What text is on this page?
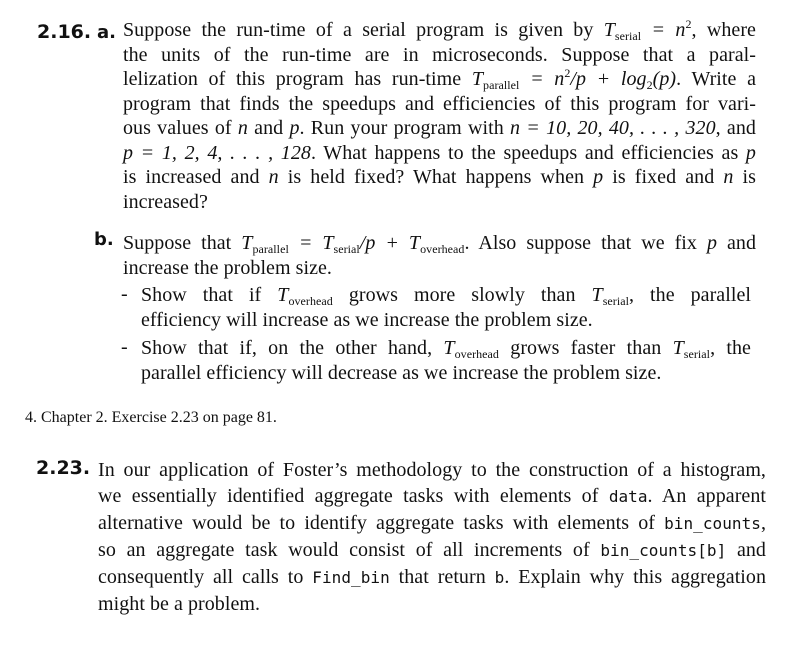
2.16. a. Suppose the run-time of a serial program is given by $T_{serial} = n^2$, where
the units of the run-time are in microseconds. Suppose that a paral-
lelization of this program has run-time $T_{parallel} = n^2/p + \log_2(p)$. Write a
program that finds the speedups and efficiencies of this program for vari-
ous values of n and p. Run your program with n = 10, 20, 40, . . . , 320, and
p = 1, 2, 4, . . . , 128. What happens to the speedups and efficiencies as p
is increased and n is held fixed? What happens when p is fixed and n is
increased?
b. Suppose that $T_{parallel} = T_{serial}/p + T_{overhead}$. Also suppose that we fix p and
increase the problem size.
- Show that if $T_{overhead}$ grows more slowly than $T_{serial}$, the parallel
efficiency will increase as we increase the problem size.
- Show that if, on the other hand, $T_{overhead}$ grows faster than $T_{serial}$, the
parallel efficiency will decrease as we increase the problem size.
4. Chapter 2. Exercise 2.23 on page 81.
2.23. In our application of Foster’s methodology to the construction of a histogram,
we essentially identified aggregate tasks with elements of data. An apparent
alternative would be to identify aggregate tasks with elements of bin_counts,
so an aggregate task would consist of all increments of bin_counts[b] and
consequently all calls to Find_bin that return b. Explain why this aggregation
might be a problem.
